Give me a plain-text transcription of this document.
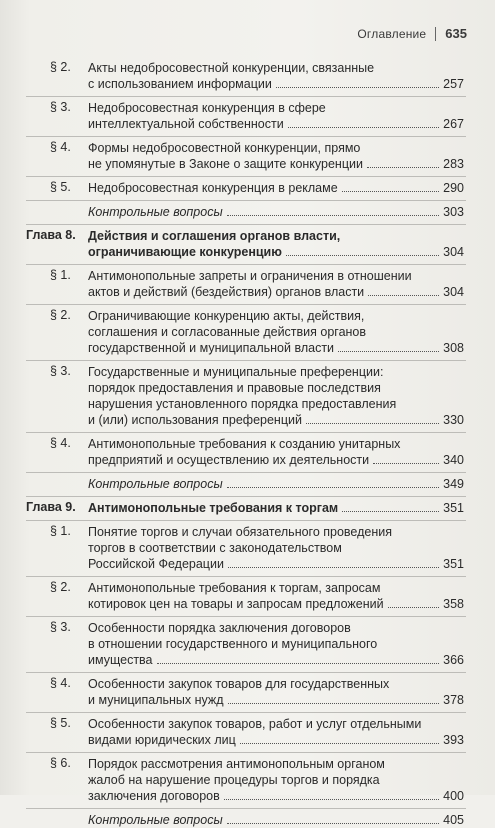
Оглавление 635
§ 2. Акты недобросовестной конкуренции, связанные
с использованием информации	257
§ 3. Недобросовестная конкуренция в сфере
интеллектуальной собственности	267
§ 4. Формы недобросовестной конкуренции, прямо
не упомянутые в Законе о защите конкуренции	283
§ 5. Недобросовестная конкуренция в рекламе	290
Контрольные вопросы	303
Глава 8. Действия и соглашения органов власти,
ограничивающие конкуренцию	304
§ 1. Антимонопольные запреты и ограничения в отношении
актов и действий (бездействия) органов власти	304
§ 2. Ограничивающие конкуренцию акты, действия,
соглашения и согласованные действия органов
государственной и муниципальной власти	308
§ 3. Государственные и муниципальные преференции:
порядок предоставления и правовые последствия
нарушения установленного порядка предоставления
и (или) использования преференций	330
§ 4. Антимонопольные требования к созданию унитарных
предприятий и осуществлению их деятельности	340
Контрольные вопросы	349
Глава 9. Антимонопольные требования к торгам	351
§ 1. Понятие торгов и случаи обязательного проведения
торгов в соответствии с законодательством
Российской Федерации	351
§ 2. Антимонопольные требования к торгам, запросам
котировок цен на товары и запросам предложений	358
§ 3. Особенности порядка заключения договоров
в отношении государственного и муниципального
имущества	366
§ 4. Особенности закупок товаров для государственных
и муниципальных нужд	378
§ 5. Особенности закупок товаров, работ и услуг отдельными
видами юридических лиц	393
§ 6. Порядок рассмотрения антимонопольным органом
жалоб на нарушение процедуры торгов и порядка
заключения договоров	400
Контрольные вопросы	405
